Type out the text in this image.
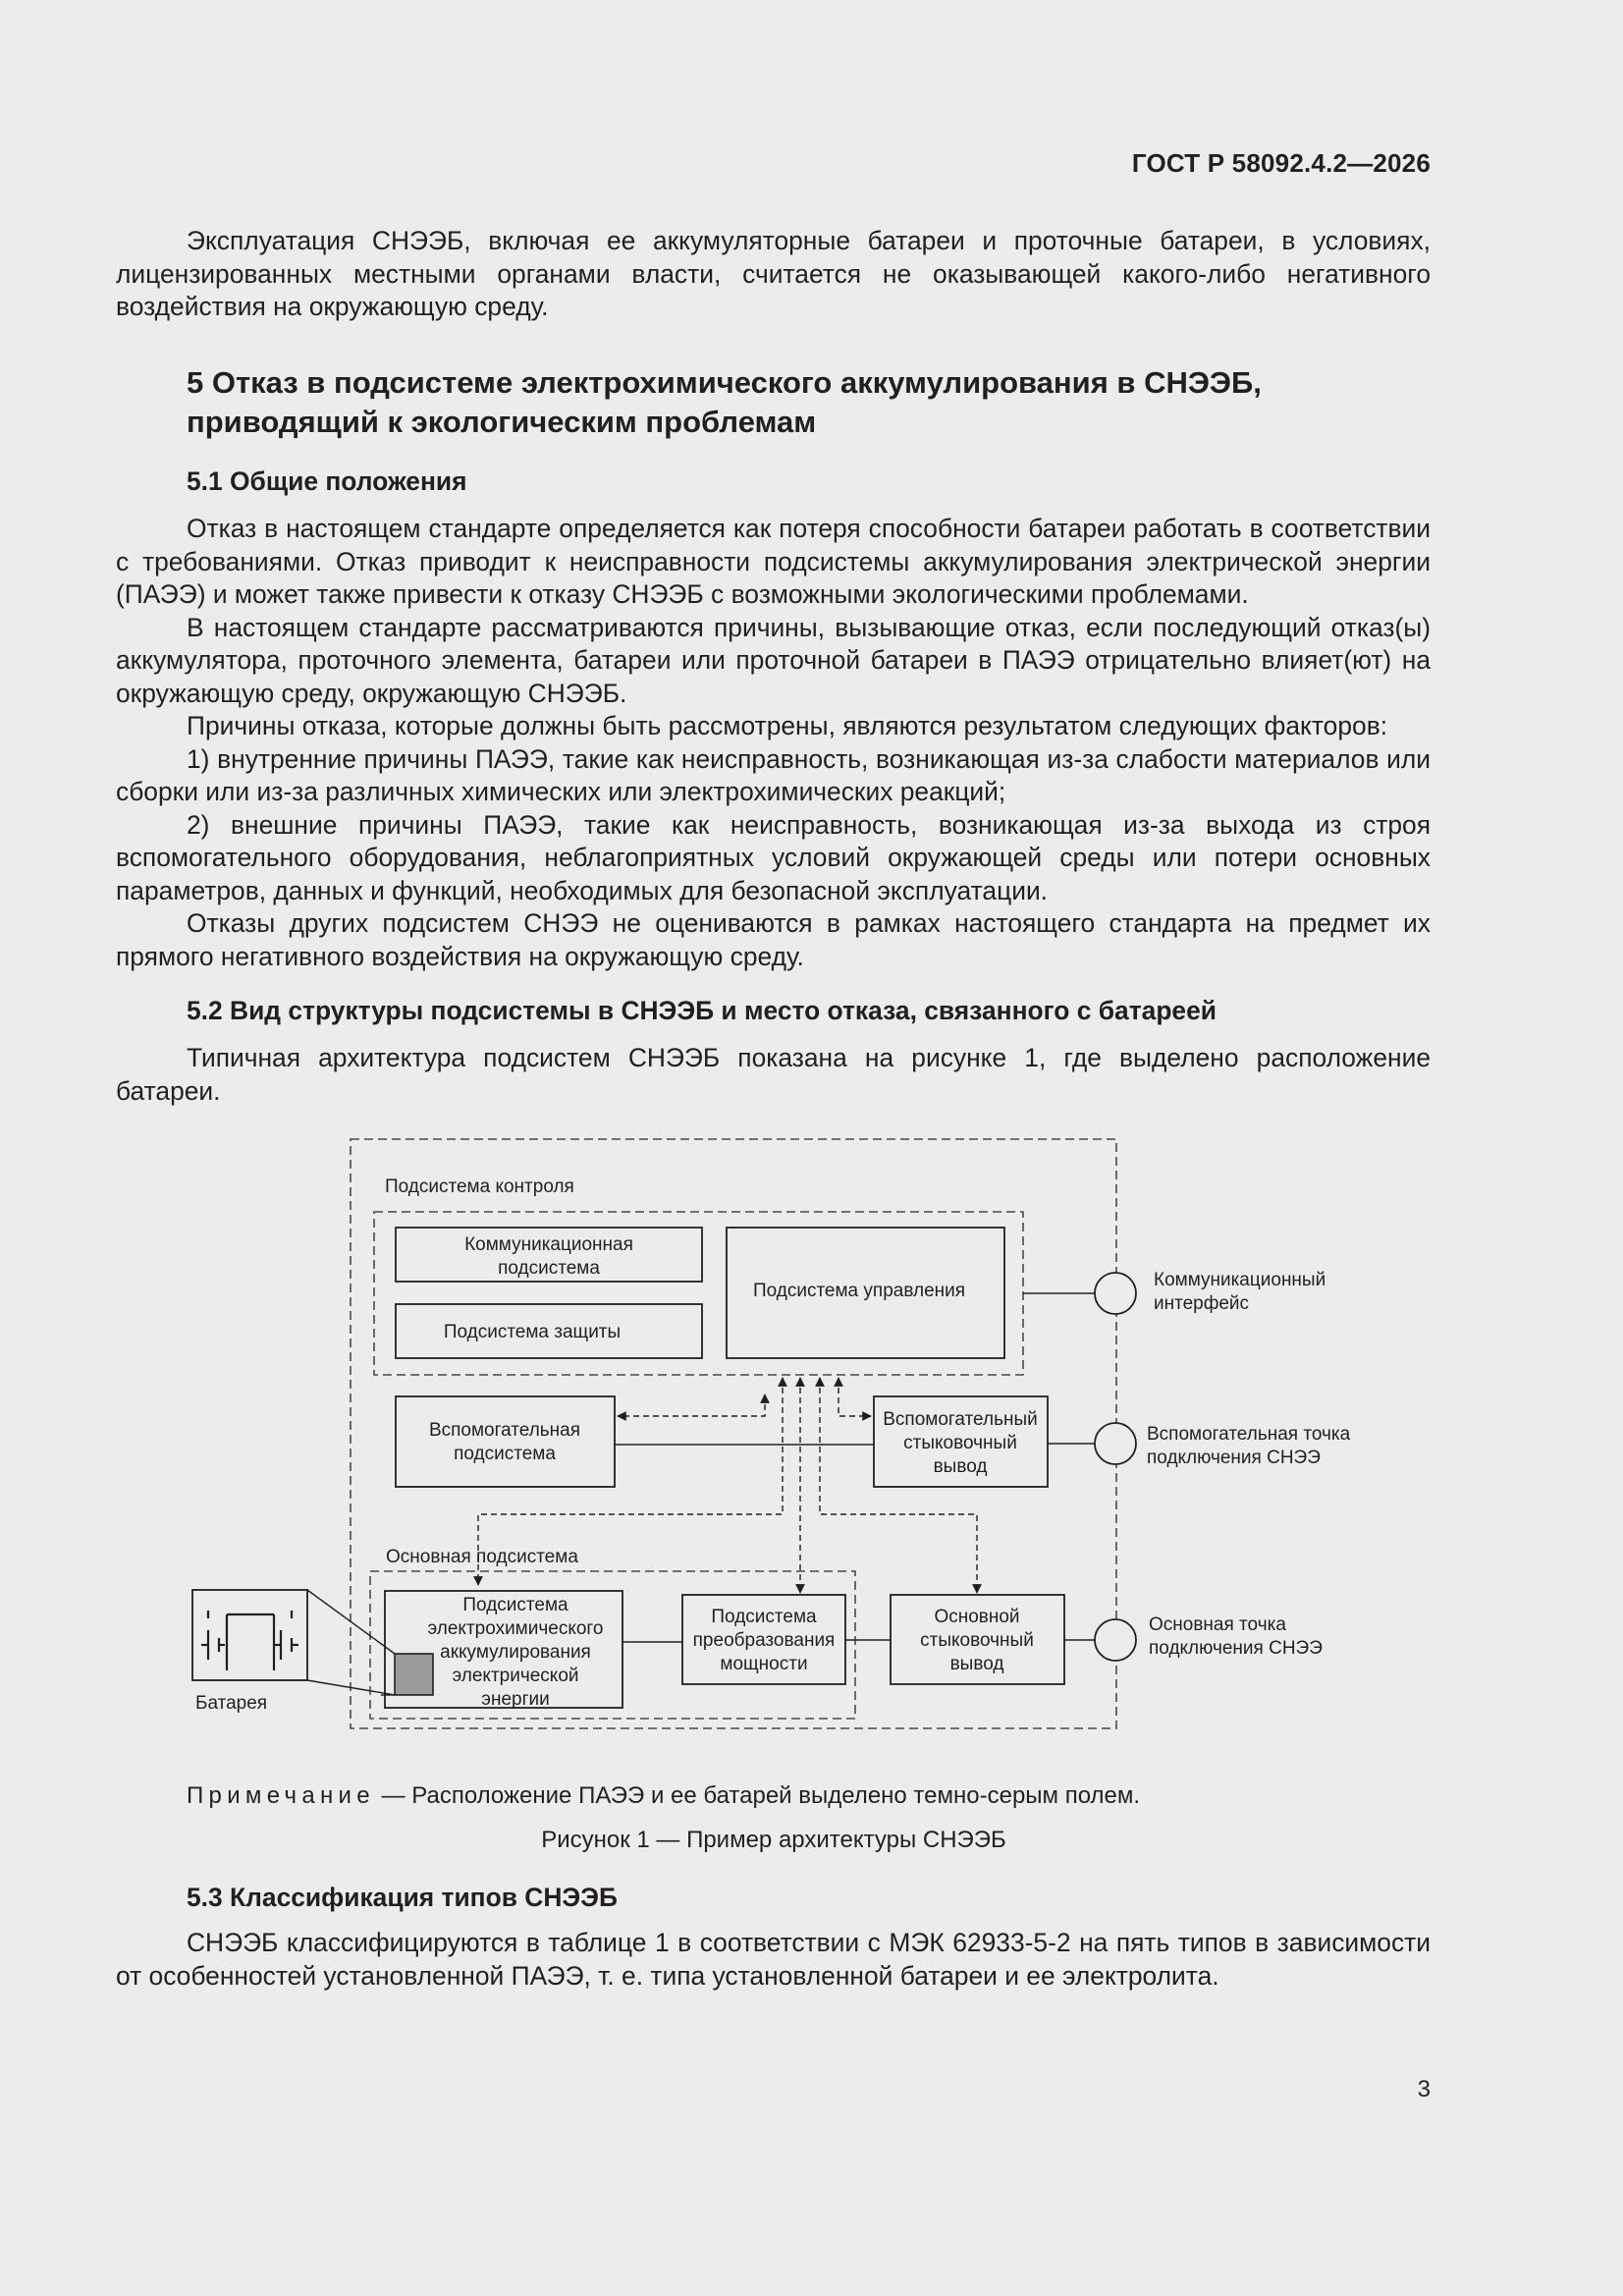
ГОСТ Р 58092.4.2—2026

Эксплуатация СНЭЭБ, включая ее аккумуляторные батареи и проточные батареи, в условиях, лицензированных местными органами власти, считается не оказывающей какого-либо негативного воздействия на окружающую среду.

5 Отказ в подсистеме электрохимического аккумулирования в СНЭЭБ, приводящий к экологическим проблемам
5.1 Общие положения

Отказ в настоящем стандарте определяется как потеря способности батареи работать в соответствии с требованиями. Отказ приводит к неисправности подсистемы аккумулирования электрической энергии (ПАЭЭ) и может также привести к отказу СНЭЭБ с возможными экологическими проблемами.

В настоящем стандарте рассматриваются причины, вызывающие отказ, если последующий отказ(ы) аккумулятора, проточного элемента, батареи или проточной батареи в ПАЭЭ отрицательно влияет(ют) на окружающую среду, окружающую СНЭЭБ.

Причины отказа, которые должны быть рассмотрены, являются результатом следующих факторов:

1) внутренние причины ПАЭЭ, такие как неисправность, возникающая из-за слабости материалов или сборки или из-за различных химических или электрохимических реакций;

2) внешние причины ПАЭЭ, такие как неисправность, возникающая из-за выхода из строя вспомогательного оборудования, неблагоприятных условий окружающей среды или потери основных параметров, данных и функций, необходимых для безопасной эксплуатации.

Отказы других подсистем СНЭЭ не оцениваются в рамках настоящего стандарта на предмет их прямого негативного воздействия на окружающую среду.

5.2 Вид структуры подсистемы в СНЭЭБ и место отказа, связанного с батареей

Типичная архитектура подсистем СНЭЭБ показана на рисунке 1, где выделено расположение батареи.

Подсистема контроля
Коммуникационная
подсистема
Подсистема защиты
Подсистема управления
Коммуникационный
интерфейс
Вспомогательная
подсистема
Вспомогательный
стыковочный
вывод
Вспомогательная точка
подключения СНЭЭ
Основная подсистема
Подсистема
электрохимического
аккумулирования
электрической
энергии
Подсистема
преобразования
мощности
Основной
стыковочный
вывод
Основная точка
подключения СНЭЭ
Батарея
Примечание — Расположение ПАЭЭ и ее батарей выделено темно-серым полем.
Рисунок 1 — Пример архитектуры СНЭЭБ
5.3 Классификация типов СНЭЭБ

СНЭЭБ классифицируются в таблице 1 в соответствии с МЭК 62933-5-2 на пять типов в зависимости от особенностей установленной ПАЭЭ, т. е. типа установленной батареи и ее электролита.

3
